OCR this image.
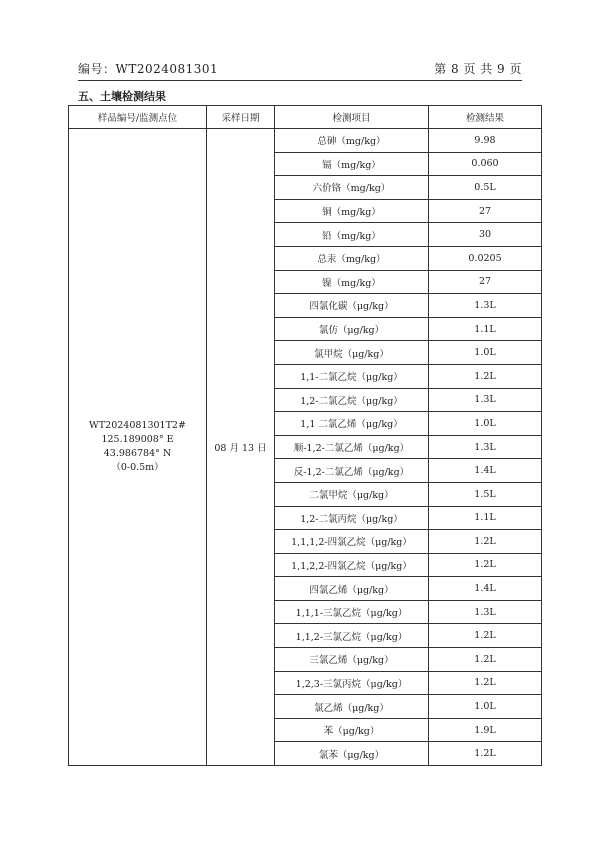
编号：WT2024081301	第 8 页 共 9 页
五、土壤检测结果
样品编号/监测点位	采样日期	检测项目	检测结果

WT2024081301T2#
125.189008° E
43.986784° N
（0-0.5m）	08 月 13 日	总砷（mg/kg）	9.98
		镉（mg/kg）	0.060
		六价铬（mg/kg）	0.5L
		铜（mg/kg）	27
		铅（mg/kg）	30
		总汞（mg/kg）	0.0205
		镍（mg/kg）	27
		四氯化碳（μg/kg）	1.3L
		氯仿（μg/kg）	1.1L
		氯甲烷（μg/kg）	1.0L
		1,1-二氯乙烷（μg/kg）	1.2L
		1,2-二氯乙烷（μg/kg）	1.3L
		1,1 二氯乙烯（μg/kg）	1.0L
		顺-1,2-二氯乙烯（μg/kg）	1.3L
		反-1,2-二氯乙烯（μg/kg）	1.4L
		二氯甲烷（μg/kg）	1.5L
		1,2-二氯丙烷（μg/kg）	1.1L
		1,1,1,2-四氯乙烷（μg/kg）	1.2L
		1,1,2,2-四氯乙烷（μg/kg）	1.2L
		四氯乙烯（μg/kg）	1.4L
		1,1,1-三氯乙烷（μg/kg）	1.3L
		1,1,2-三氯乙烷（μg/kg）	1.2L
		三氯乙烯（μg/kg）	1.2L
		1,2,3-三氯丙烷（μg/kg）	1.2L
		氯乙烯（μg/kg）	1.0L
		苯（μg/kg）	1.9L
		氯苯（μg/kg）	1.2L
